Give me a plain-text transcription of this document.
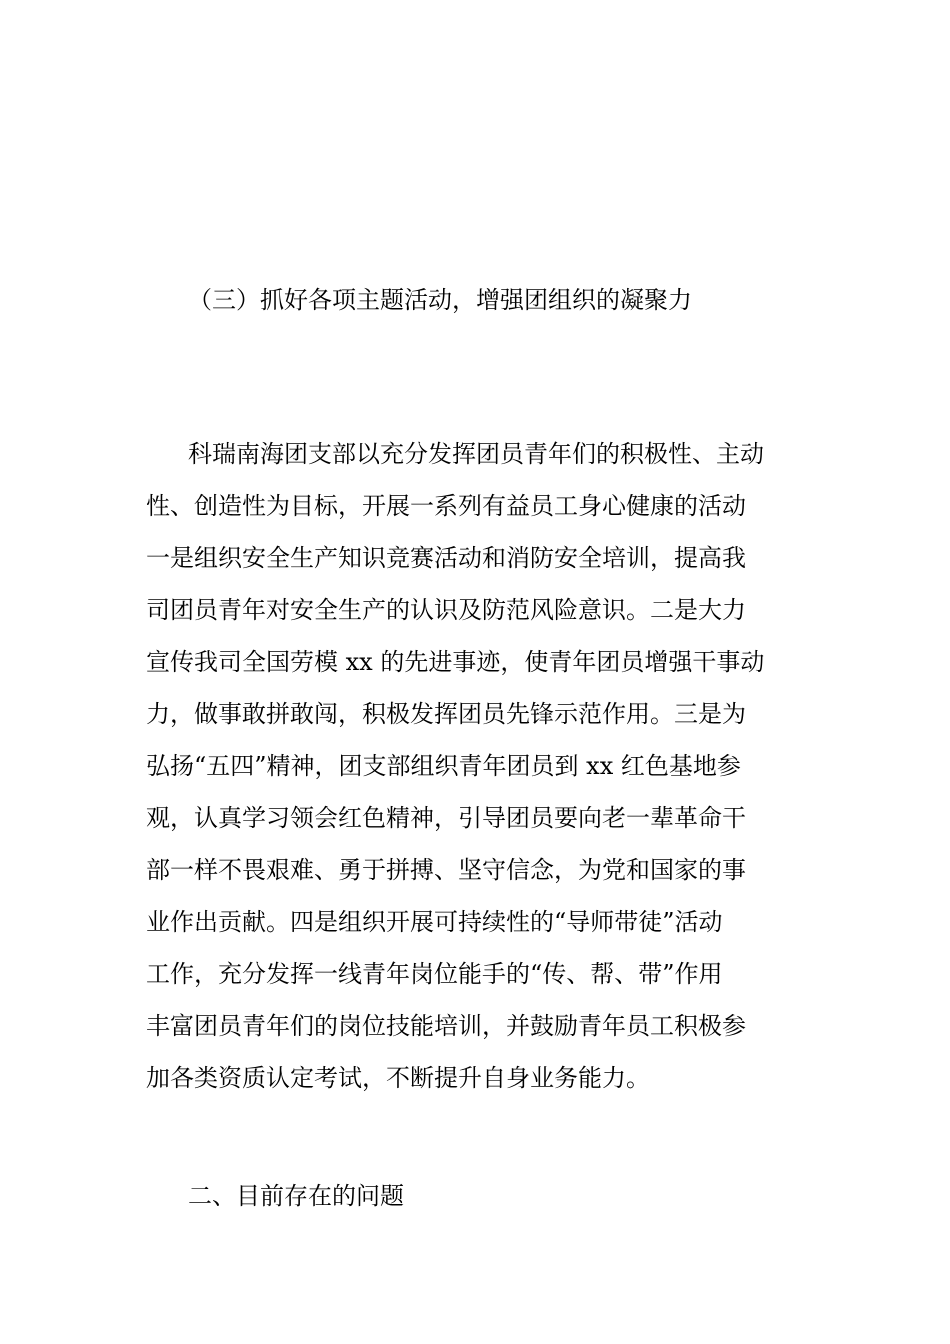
（三）抓好各项主题活动，增强团组织的凝聚力
科瑞南海团支部以充分发挥团员青年们的积极性、主动
性、创造性为目标，开展一系列有益员工身心健康的活动
一是组织安全生产知识竞赛活动和消防安全培训，提高我
司团员青年对安全生产的认识及防范风险意识。二是大力
宣传我司全国劳模 xx 的先进事迹，使青年团员增强干事动
力，做事敢拼敢闯，积极发挥团员先锋示范作用。三是为
弘扬“五四”精神，团支部组织青年团员到 xx 红色基地参
观，认真学习领会红色精神，引导团员要向老一辈革命干
部一样不畏艰难、勇于拼搏、坚守信念，为党和国家的事
业作出贡献。四是组织开展可持续性的“导师带徒”活动
工作，充分发挥一线青年岗位能手的“传、帮、带”作用
丰富团员青年们的岗位技能培训，并鼓励青年员工积极参
加各类资质认定考试，不断提升自身业务能力。
二、目前存在的问题
